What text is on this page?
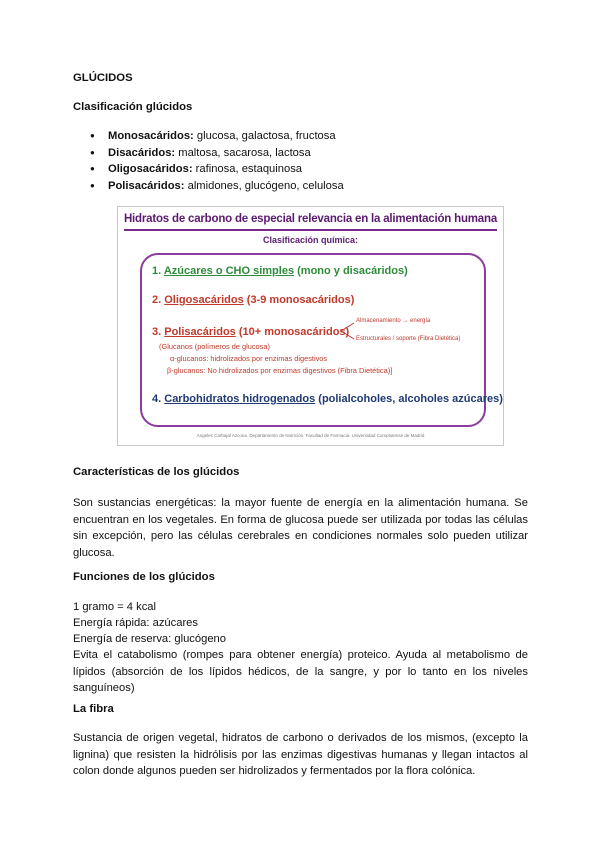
GLÚCIDOS
Clasificación glúcidos
● Monosacáridos: glucosa, galactosa, fructosa
● Disacáridos: maltosa, sacarosa, lactosa
● Oligosacáridos: rafinosa, estaquinosa
● Polisacáridos: almidones, glucógeno, celulosa
Hidratos de carbono de especial relevancia en la alimentación humana
Clasificación química:
1. Azúcares o CHO simples (mono y disacáridos)
2. Oligosacáridos (3-9 monosacáridos)
3. Polisacáridos (10+ monosacáridos)
Almacenamiento → energía
Estructurales / soporte (Fibra Dietética)
(Glucanos (polímeros de glucosa)
α-glucanos: hidrolizados por enzimas digestivos
β-glucanos: No hidrolizados por enzimas digestivos (Fibra Dietética)]
4. Carbohidratos hidrogenados (polialcoholes, alcoholes azúcares)
Ángeles Carbajal Azcona. Departamento de Nutrición. Facultad de Farmacia. Universidad Complutense de Madrid
Características de los glúcidos
Son sustancias energéticas: la mayor fuente de energía en la alimentación humana. Se encuentran en los vegetales. En forma de glucosa puede ser utilizada por todas las células sin excepción, pero las células cerebrales en condiciones normales solo pueden utilizar glucosa.
Funciones de los glúcidos
1 gramo = 4 kcal
Energía rápida: azúcares
Energía de reserva: glucógeno
Evita el catabolismo (rompes para obtener energía) proteico. Ayuda al metabolismo de lípidos (absorción de los lípidos hédicos, de la sangre, y por lo tanto en los niveles sanguíneos)
La fibra
Sustancia de origen vegetal, hidratos de carbono o derivados de los mismos, (excepto la lignina) que resisten la hidrólisis por las enzimas digestivas humanas y llegan intactos al colon donde algunos pueden ser hidrolizados y fermentados por la flora colónica.
